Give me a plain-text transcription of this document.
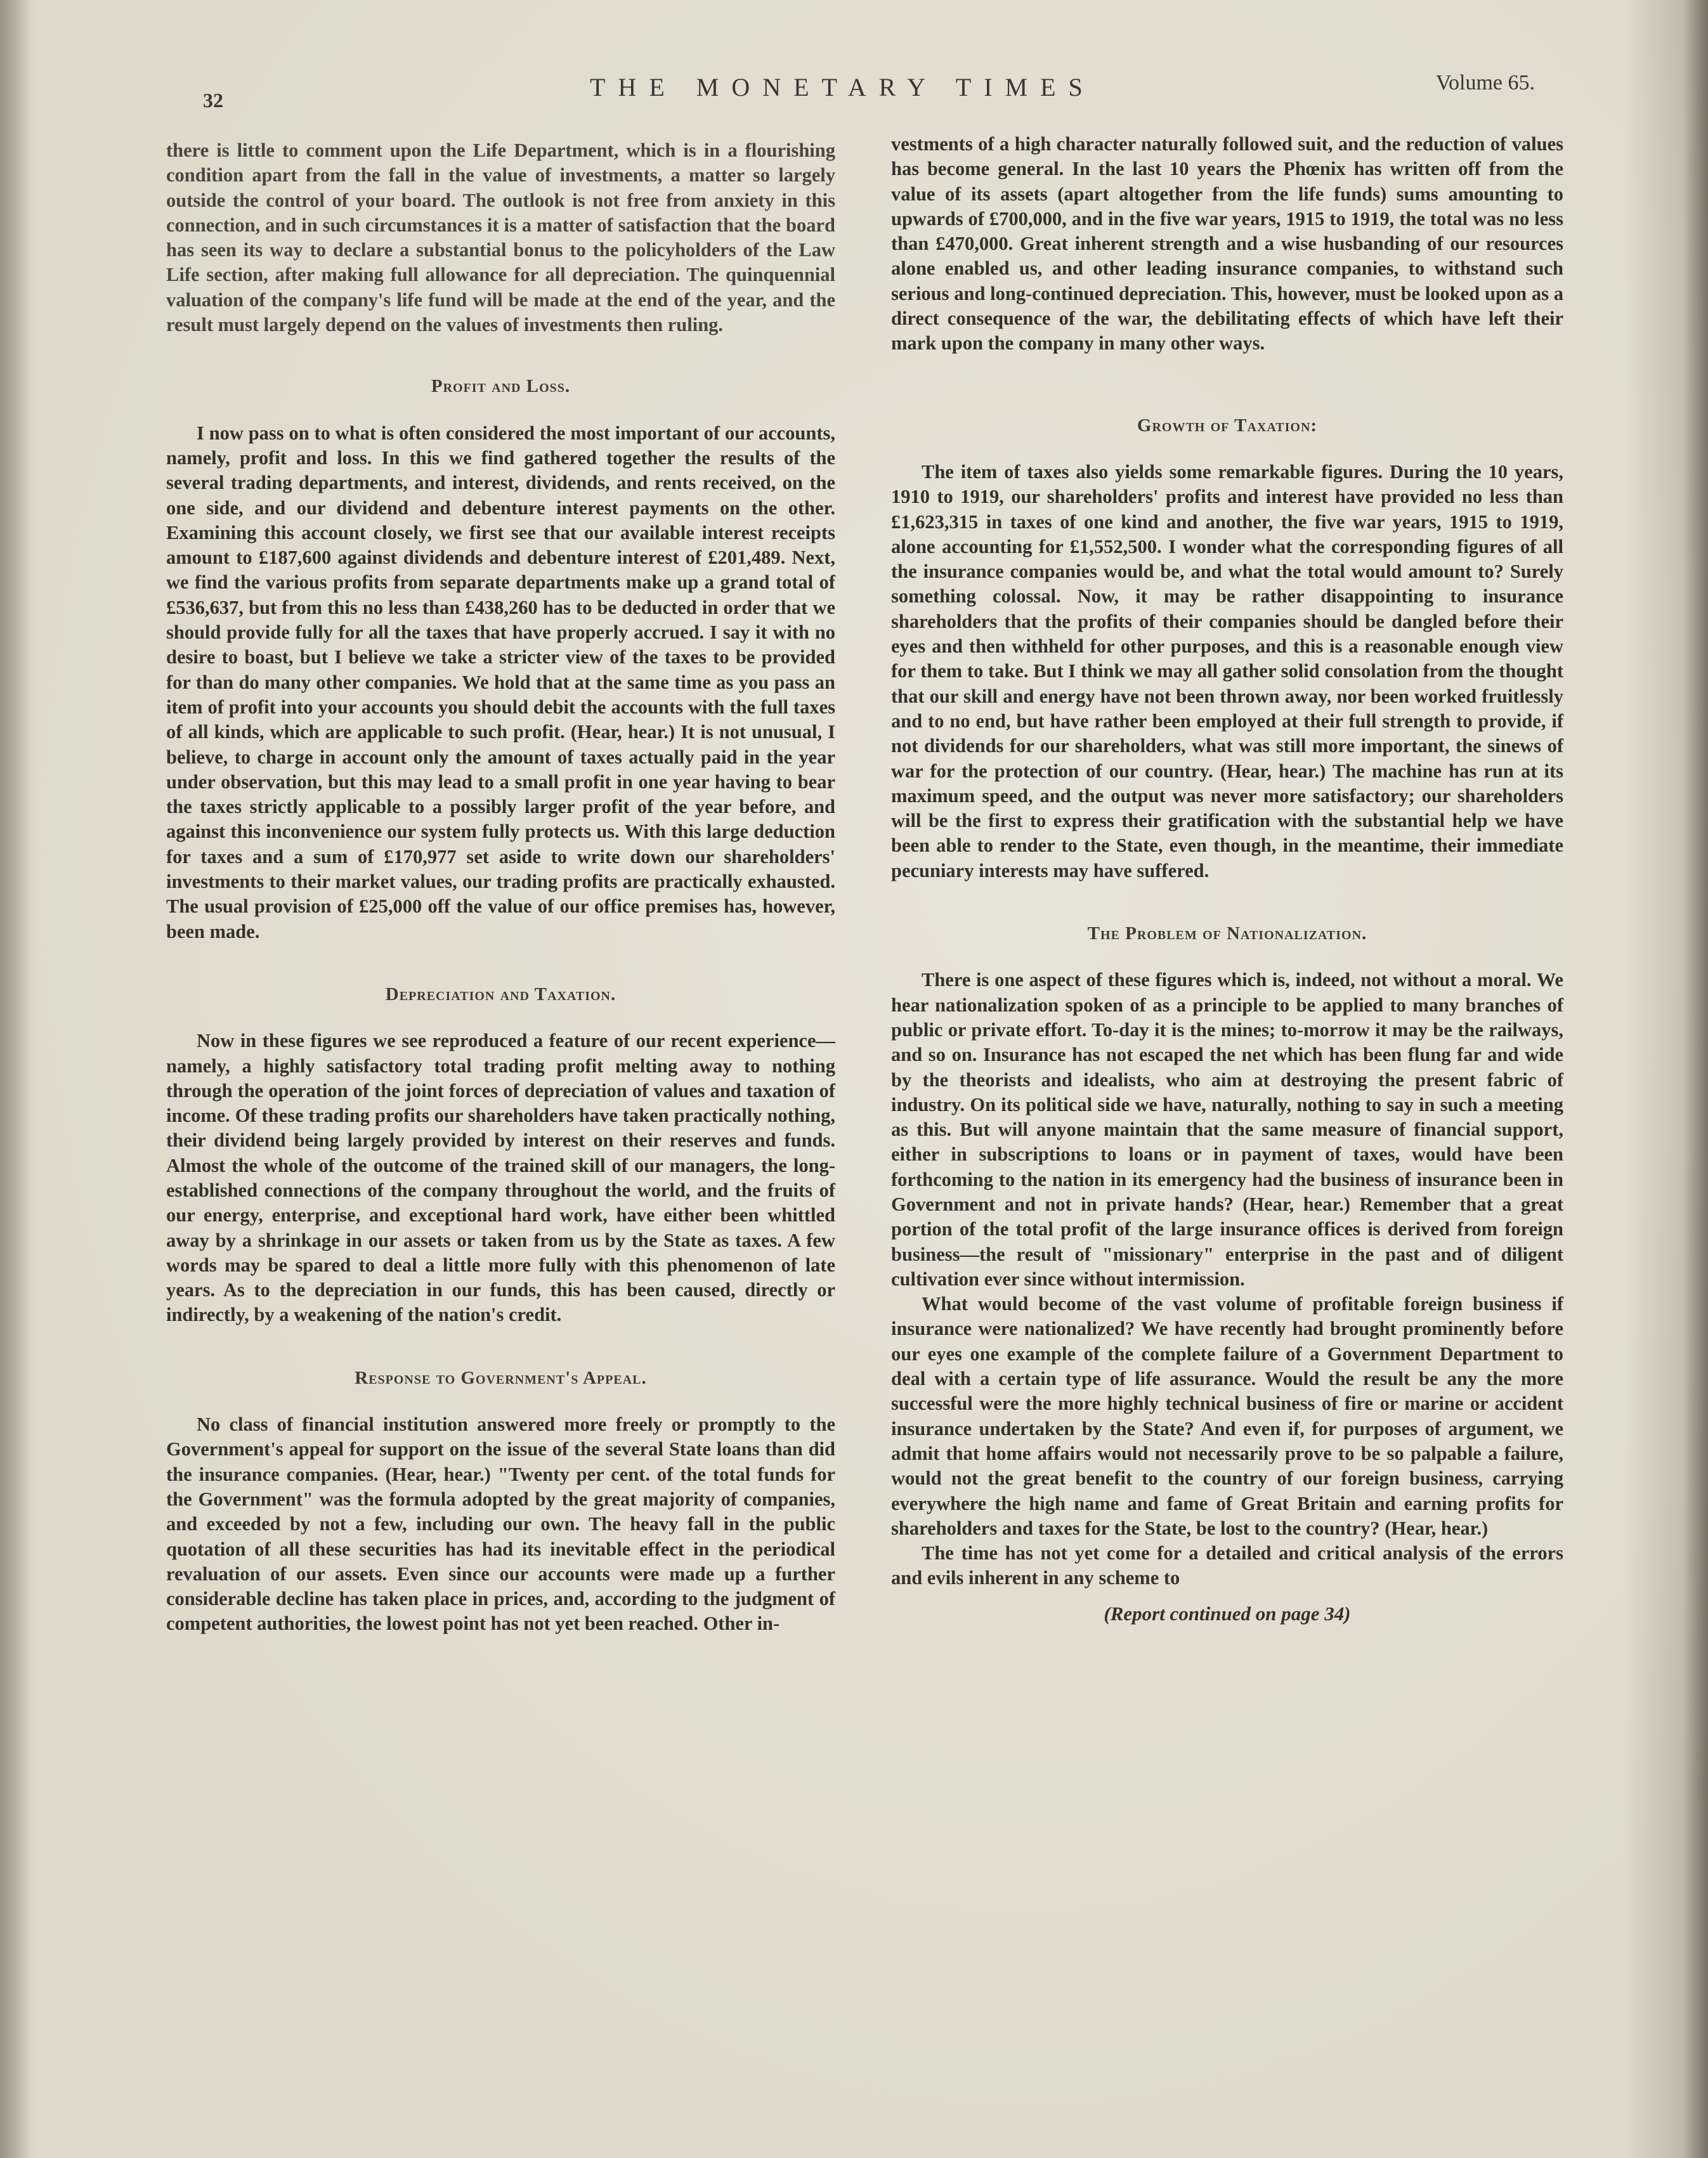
32	THE MONETARY TIMES	Volume 65.

there is little to comment upon the Life Department, which is in a flourishing condition apart from the fall in the value of investments, a matter so largely outside the control of your board. The outlook is not free from anxiety in this connection, and in such circumstances it is a matter of satisfaction that the board has seen its way to declare a substantial bonus to the policyholders of the Law Life section, after making full allowance for all depreciation. The quinquennial valuation of the company's life fund will be made at the end of the year, and the result must largely depend on the values of investments then ruling.

Profit and Loss.

I now pass on to what is often considered the most important of our accounts, namely, profit and loss. In this we find gathered together the results of the several trading departments, and interest, dividends, and rents received, on the one side, and our dividend and debenture interest payments on the other. Examining this account closely, we first see that our available interest receipts amount to £187,600 against dividends and debenture interest of £201,489. Next, we find the various profits from separate departments make up a grand total of £536,637, but from this no less than £438,260 has to be deducted in order that we should provide fully for all the taxes that have properly accrued. I say it with no desire to boast, but I believe we take a stricter view of the taxes to be provided for than do many other companies. We hold that at the same time as you pass an item of profit into your accounts you should debit the accounts with the full taxes of all kinds, which are applicable to such profit. (Hear, hear.) It is not unusual, I believe, to charge in account only the amount of taxes actually paid in the year under observation, but this may lead to a small profit in one year having to bear the taxes strictly applicable to a possibly larger profit of the year before, and against this inconvenience our system fully protects us. With this large deduction for taxes and a sum of £170,977 set aside to write down our shareholders' investments to their market values, our trading profits are practically exhausted. The usual provision of £25,000 off the value of our office premises has, however, been made.

Depreciation and Taxation.

Now in these figures we see reproduced a feature of our recent experience—namely, a highly satisfactory total trading profit melting away to nothing through the operation of the joint forces of depreciation of values and taxation of income. Of these trading profits our shareholders have taken practically nothing, their dividend being largely provided by interest on their reserves and funds. Almost the whole of the outcome of the trained skill of our managers, the long-established connections of the company throughout the world, and the fruits of our energy, enterprise, and exceptional hard work, have either been whittled away by a shrinkage in our assets or taken from us by the State as taxes. A few words may be spared to deal a little more fully with this phenomenon of late years. As to the depreciation in our funds, this has been caused, directly or indirectly, by a weakening of the nation's credit.

Response to Government's Appeal.

No class of financial institution answered more freely or promptly to the Government's appeal for support on the issue of the several State loans than did the insurance companies. (Hear, hear.) "Twenty per cent. of the total funds for the Government" was the formula adopted by the great majority of companies, and exceeded by not a few, including our own. The heavy fall in the public quotation of all these securities has had its inevitable effect in the periodical revaluation of our assets. Even since our accounts were made up a further considerable decline has taken place in prices, and, according to the judgment of competent authorities, the lowest point has not yet been reached. Other in-

vestments of a high character naturally followed suit, and the reduction of values has become general. In the last 10 years the Phœnix has written off from the value of its assets (apart altogether from the life funds) sums amounting to upwards of £700,000, and in the five war years, 1915 to 1919, the total was no less than £470,000. Great inherent strength and a wise husbanding of our resources alone enabled us, and other leading insurance companies, to withstand such serious and long-continued depreciation. This, however, must be looked upon as a direct consequence of the war, the debilitating effects of which have left their mark upon the company in many other ways.

Growth of Taxation:

The item of taxes also yields some remarkable figures. During the 10 years, 1910 to 1919, our shareholders' profits and interest have provided no less than £1,623,315 in taxes of one kind and another, the five war years, 1915 to 1919, alone accounting for £1,552,500. I wonder what the corresponding figures of all the insurance companies would be, and what the total would amount to? Surely something colossal. Now, it may be rather disappointing to insurance shareholders that the profits of their companies should be dangled before their eyes and then withheld for other purposes, and this is a reasonable enough view for them to take. But I think we may all gather solid consolation from the thought that our skill and energy have not been thrown away, nor been worked fruitlessly and to no end, but have rather been employed at their full strength to provide, if not dividends for our shareholders, what was still more important, the sinews of war for the protection of our country. (Hear, hear.) The machine has run at its maximum speed, and the output was never more satisfactory; our shareholders will be the first to express their gratification with the substantial help we have been able to render to the State, even though, in the meantime, their immediate pecuniary interests may have suffered.

The Problem of Nationalization.

There is one aspect of these figures which is, indeed, not without a moral. We hear nationalization spoken of as a principle to be applied to many branches of public or private effort. To-day it is the mines; to-morrow it may be the railways, and so on. Insurance has not escaped the net which has been flung far and wide by the theorists and idealists, who aim at destroying the present fabric of industry. On its political side we have, naturally, nothing to say in such a meeting as this. But will anyone maintain that the same measure of financial support, either in subscriptions to loans or in payment of taxes, would have been forthcoming to the nation in its emergency had the business of insurance been in Government and not in private hands? (Hear, hear.) Remember that a great portion of the total profit of the large insurance offices is derived from foreign business—the result of "missionary" enterprise in the past and of diligent cultivation ever since without intermission.

What would become of the vast volume of profitable foreign business if insurance were nationalized? We have recently had brought prominently before our eyes one example of the complete failure of a Government Department to deal with a certain type of life assurance. Would the result be any the more successful were the more highly technical business of fire or marine or accident insurance undertaken by the State? And even if, for purposes of argument, we admit that home affairs would not necessarily prove to be so palpable a failure, would not the great benefit to the country of our foreign business, carrying everywhere the high name and fame of Great Britain and earning profits for shareholders and taxes for the State, be lost to the country? (Hear, hear.)

The time has not yet come for a detailed and critical analysis of the errors and evils inherent in any scheme to

(Report continued on page 34)
